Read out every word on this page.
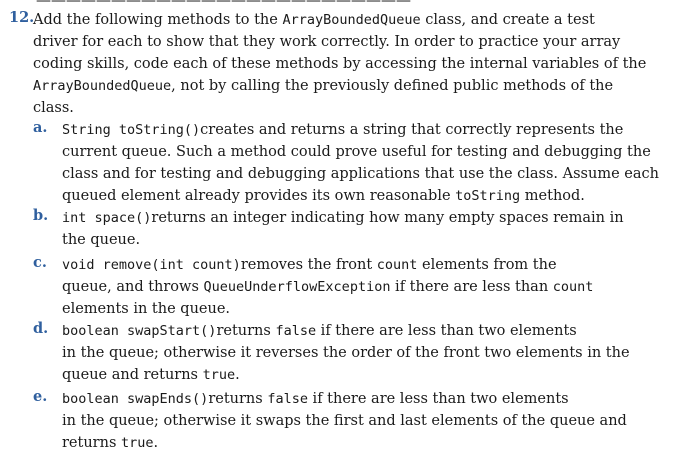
—————————————————————————
12.
Add the following methods to the ArrayBoundedQueue class, and create a test
driver for each to show that they work correctly. In order to practice your array
coding skills, code each of these methods by accessing the internal variables of the
ArrayBoundedQueue, not by calling the previously defined public methods of the
class.
a. String toString()creates and returns a string that correctly represents the
current queue. Such a method could prove useful for testing and debugging the
class and for testing and debugging applications that use the class. Assume each
queued element already provides its own reasonable toString method.
b. int space()returns an integer indicating how many empty spaces remain in
the queue.
c. void remove(int count)removes the front count elements from the
queue, and throws QueueUnderflowException if there are less than count
elements in the queue.
d. boolean swapStart()returns false if there are less than two elements
in the queue; otherwise it reverses the order of the front two elements in the
queue and returns true.
e. boolean swapEnds()returns false if there are less than two elements
in the queue; otherwise it swaps the first and last elements of the queue and
returns true.
